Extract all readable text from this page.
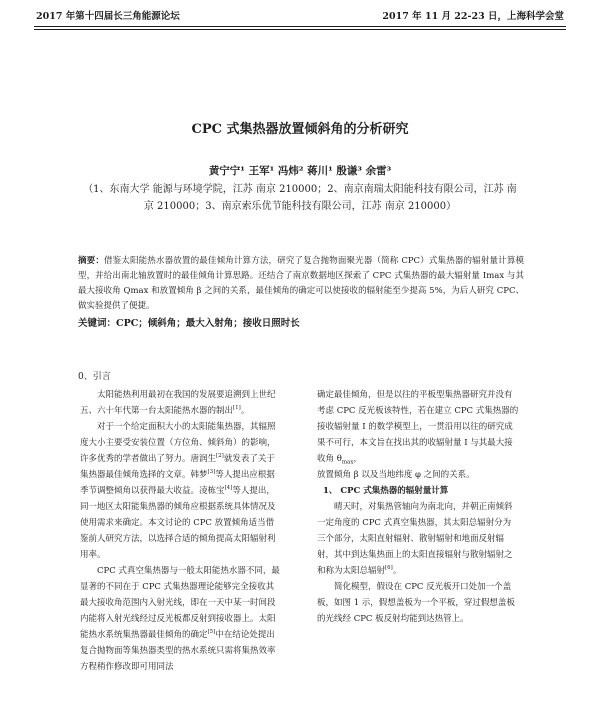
2017 年第十四届长三角能源论坛	2017 年 11 月 22-23 日，上海科学会堂
CPC 式集热器放置倾斜角的分析研究
黄宁宁¹ 王军¹ 冯炜² 蒋川¹ 殷谦³ 余雷³
（1、东南大学 能源与环境学院，江苏 南京 210000；2、南京南瑞太阳能科技有限公司，江苏 南京 210000；3、南京索乐优节能科技有限公司，江苏 南京 210000）
摘要：借鉴太阳能热水器放置的最佳倾角计算方法，研究了复合抛物面聚光器（简称 CPC）式集热器的辐射量计算模型，并给出南北轴放置时的最佳倾角计算思路。还结合了南京数据地区探索了 CPC 式集热器的最大辐射量 Imax 与其最大接收角 Qmax 和放置倾角 β 之间的关系，最佳倾角的确定可以使接收的辐射能至少提高 5%，为后人研究 CPC、做实验提供了便捷。
关键词：CPC；倾斜角；最大入射角；接收日照时长
0、引言

太阳能热利用最初在我国的发展要追溯到上世纪五、六十年代第一台太阳能热水器的制出[1]。

对于一个给定面积大小的太阳能集热器，其辐照度大小主要受安装位置（方位角、倾斜角）的影响，许多优秀的学者做出了努力。唐润生[2]就发表了关于集热器最佳倾角选择的文章。韩梦[3]等人提出应根据季节调整倾角以获得最大收益。凌栋宝[4]等人提出，同一地区太阳能集热器的倾角应根据系统具体情况及使用需求来确定。本文讨论的 CPC 放置倾角适当借鉴前人研究方法，以选择合适的倾角提高太阳辐射利用率。

CPC 式真空集热器与一般太阳能热水器不同，最显著的不同在于 CPC 式集热器理论能够完全接收其最大接收角范围内入射光线，即在一天中某一时间段内能将入射光线经过反光板都反射到接收器上。太阳能热水系统集热器最佳倾角的确定[5]中在结论处提出复合抛物面等集热器类型的热水系统只需将集热效率方程稍作修改即可用同法

确定最佳倾角，但是以往的平板型集热器研究并没有考虑 CPC 反光板该特性，若在建立 CPC 式集热器的接收辐射量 I 的数学模型上，一贯沿用以往的研究成果不可行，本文旨在找出其的收辐射量 I 与其最大接收角 $\theta_{max}$，

放置倾角 β 以及当地纬度 φ 之间的关系。

1、 CPC 式集热器的辐射量计算

晴天时，对集热管轴向为南北向，并朝正南倾斜一定角度的 CPC 式真空集热器，其太阳总辐射分为三个部分，太阳直射辐射、散射辐射和地面反射辐射，其中到达集热面上的太阳直接辐射与散射辐射之和称为太阳总辐射[6]。

简化模型，假设在 CPC 反光板开口处加一个盖板，如图 1 示，假想盖板为一个平板，穿过假想盖板的光线经 CPC 板反射均能到达热管上。
